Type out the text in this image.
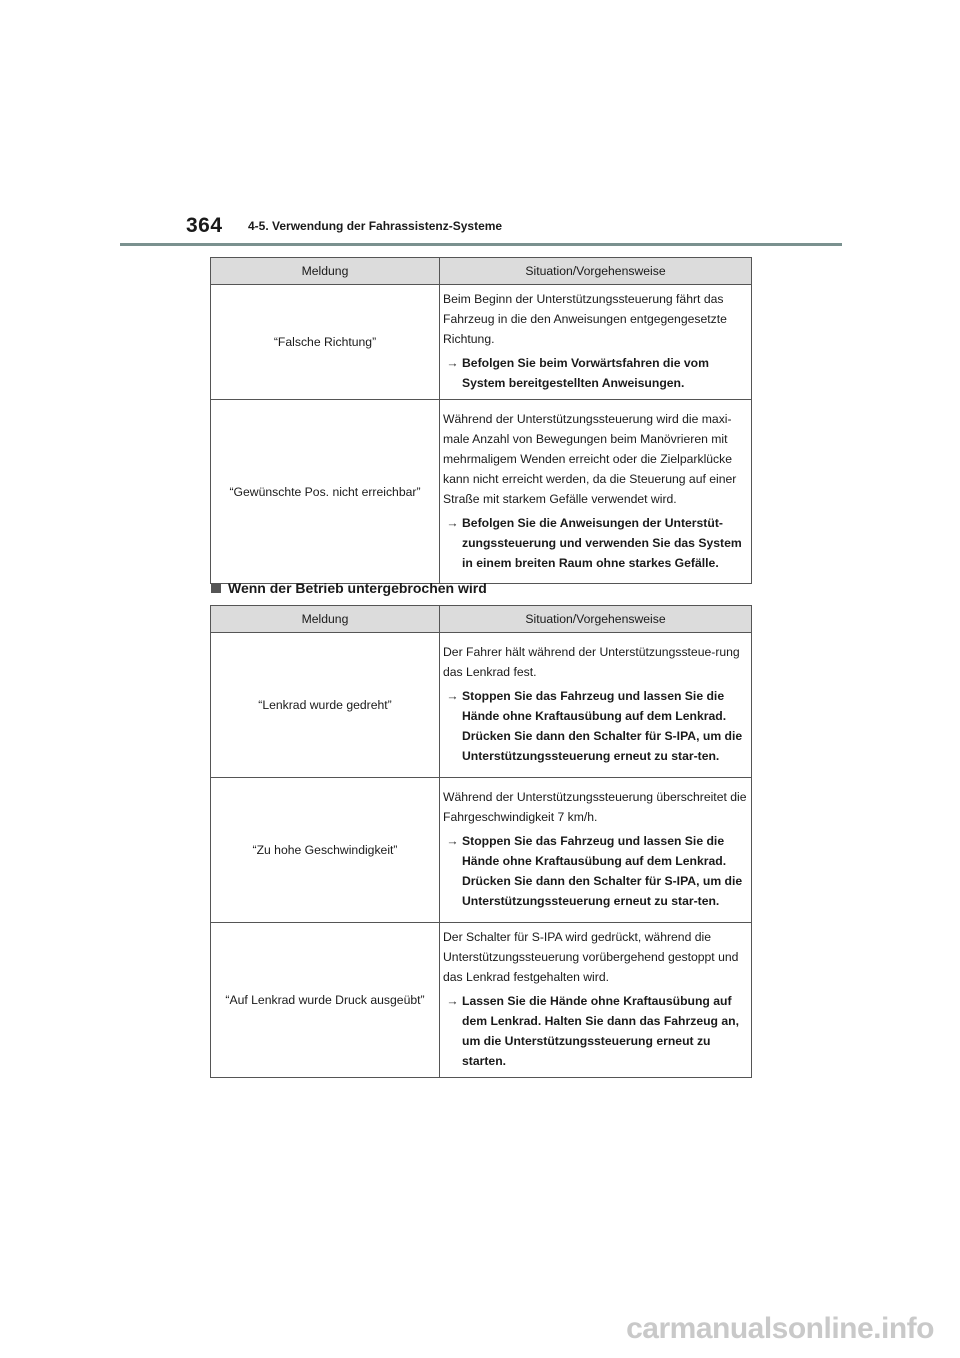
364 4-5. Verwendung der Fahrassistenz-Systeme
Meldung	Situation/Vorgehensweise
“Falsche Richtung”	Beim Beginn der Unterstützungssteuerung fährt das Fahrzeug in die den Anweisungen entgegengesetzte Richtung.

→ Befolgen Sie beim Vorwärtsfahren die vom System bereitgestellten Anweisungen.

“Gewünschte Pos. nicht erreichbar”	Während der Unterstützungssteuerung wird die maxi-male Anzahl von Bewegungen beim Manövrieren mit mehrmaligem Wenden erreicht oder die Zielparklücke kann nicht erreicht werden, da die Steuerung auf einer Straße mit starkem Gefälle verwendet wird.

→ Befolgen Sie die Anweisungen der Unterstüt-zungssteuerung und verwenden Sie das System in einem breiten Raum ohne starkes Gefälle.
Wenn der Betrieb untergebrochen wird
Meldung	Situation/Vorgehensweise
“Lenkrad wurde gedreht”	Der Fahrer hält während der Unterstützungssteue-rung das Lenkrad fest.

→ Stoppen Sie das Fahrzeug und lassen Sie die Hände ohne Kraftausübung auf dem Lenkrad. Drücken Sie dann den Schalter für S-IPA, um die Unterstützungssteuerung erneut zu star-ten.

“Zu hohe Geschwindigkeit”	Während der Unterstützungssteuerung überschreitet die Fahrgeschwindigkeit 7 km/h.

→ Stoppen Sie das Fahrzeug und lassen Sie die Hände ohne Kraftausübung auf dem Lenkrad. Drücken Sie dann den Schalter für S-IPA, um die Unterstützungssteuerung erneut zu star-ten.

“Auf Lenkrad wurde Druck ausgeübt”	Der Schalter für S-IPA wird gedrückt, während die Unterstützungssteuerung vorübergehend gestoppt und das Lenkrad festgehalten wird.

→ Lassen Sie die Hände ohne Kraftausübung auf dem Lenkrad. Halten Sie dann das Fahrzeug an, um die Unterstützungssteuerung erneut zu starten.
carmanualsonline.info
